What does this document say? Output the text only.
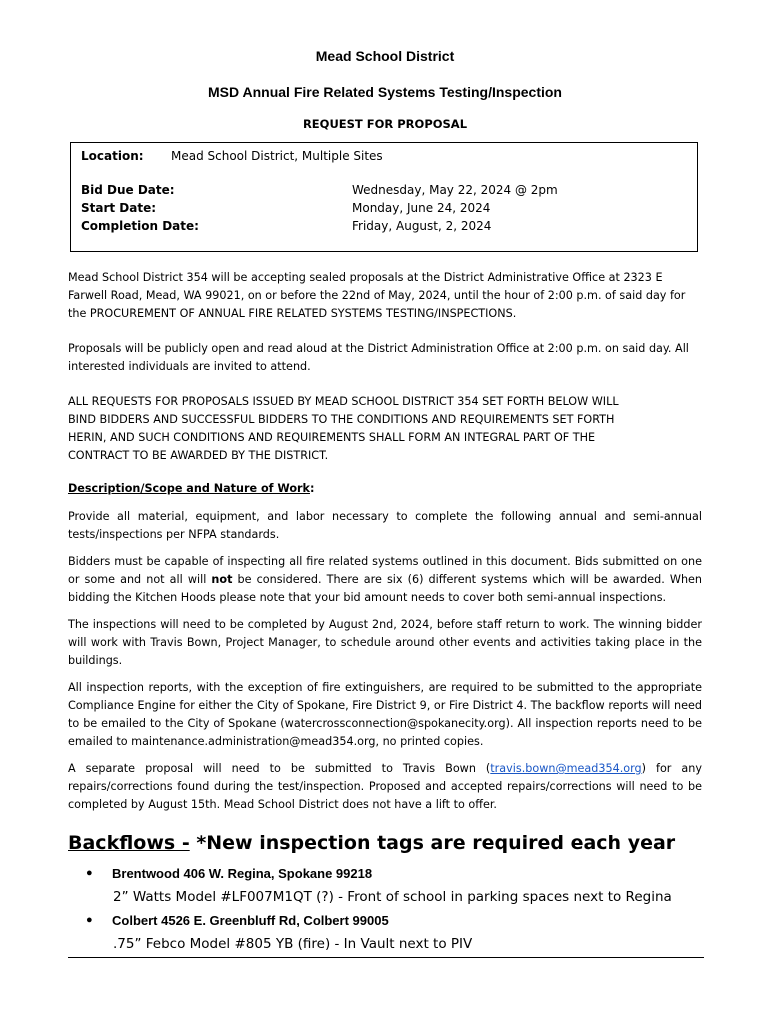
Mead School District

MSD Annual Fire Related Systems Testing/Inspection

REQUEST FOR PROPOSAL

Location: Mead School District, Multiple Sites
Bid Due Date:	Wednesday, May 22, 2024 @ 2pm
Start Date:	Monday, June 24, 2024
Completion Date:	Friday, August, 2, 2024

Mead School District 354 will be accepting sealed proposals at the District Administrative Office at 2323 E Farwell Road, Mead, WA 99021, on or before the 22nd of May, 2024, until the hour of 2:00 p.m. of said day for the PROCUREMENT OF ANNUAL FIRE RELATED SYSTEMS TESTING/INSPECTIONS.

Proposals will be publicly open and read aloud at the District Administration Office at 2:00 p.m. on said day. All interested individuals are invited to attend.

ALL REQUESTS FOR PROPOSALS ISSUED BY MEAD SCHOOL DISTRICT 354 SET FORTH BELOW WILL
BIND BIDDERS AND SUCCESSFUL BIDDERS TO THE CONDITIONS AND REQUIREMENTS SET FORTH
HERIN, AND SUCH CONDITIONS AND REQUIREMENTS SHALL FORM AN INTEGRAL PART OF THE
CONTRACT TO BE AWARDED BY THE DISTRICT.

Description/Scope and Nature of Work:

Provide all material, equipment, and labor necessary to complete the following annual and semi-annual tests/inspections per NFPA standards.

Bidders must be capable of inspecting all fire related systems outlined in this document. Bids submitted on one or some and not all will not be considered. There are six (6) different systems which will be awarded. When bidding the Kitchen Hoods please note that your bid amount needs to cover both semi-annual inspections.

The inspections will need to be completed by August 2nd, 2024, before staff return to work. The winning bidder will work with Travis Bown, Project Manager, to schedule around other events and activities taking place in the buildings.

All inspection reports, with the exception of fire extinguishers, are required to be submitted to the appropriate Compliance Engine for either the City of Spokane, Fire District 9, or Fire District 4. The backflow reports will need to be emailed to the City of Spokane (watercrossconnection@spokanecity.org). All inspection reports need to be emailed to maintenance.administration@mead354.org, no printed copies.

A separate proposal will need to be submitted to Travis Bown (travis.bown@mead354.org) for any repairs/corrections found during the test/inspection. Proposed and accepted repairs/corrections will need to be completed by August 15th. Mead School District does not have a lift to offer.

Backflows - *New inspection tags are required each year

● Brentwood 406 W. Regina, Spokane 99218
2” Watts Model #LF007M1QT (?) - Front of school in parking spaces next to Regina
● Colbert 4526 E. Greenbluff Rd, Colbert 99005
.75” Febco Model #805 YB (fire) - In Vault next to PIV
